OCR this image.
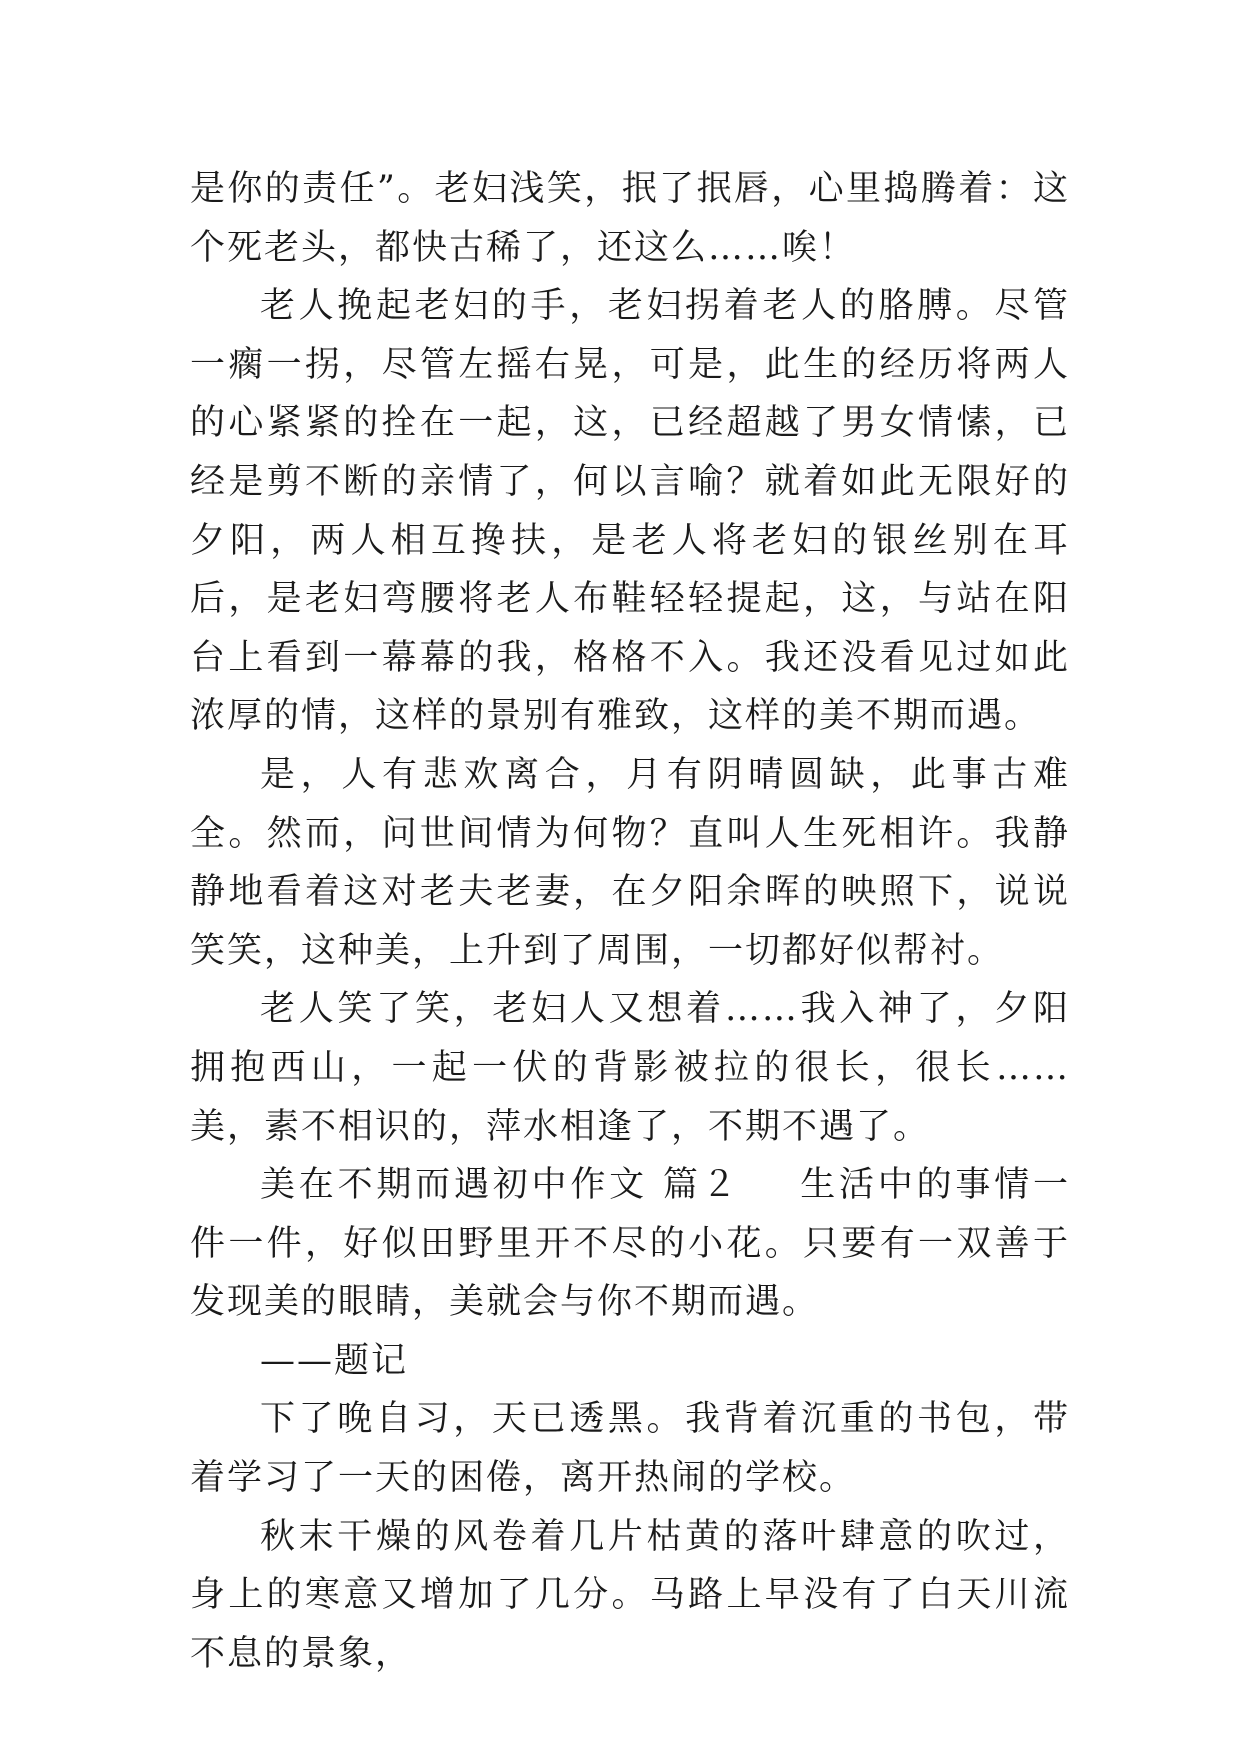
是你的责任”。老妇浅笑，抿了抿唇，心里捣腾着：这个死老头，都快古稀了，还这么……唉！

老人挽起老妇的手，老妇拐着老人的胳膊。尽管一瘸一拐，尽管左摇右晃，可是，此生的经历将两人的心紧紧的拴在一起，这，已经超越了男女情愫，已经是剪不断的亲情了，何以言喻？就着如此无限好的夕阳，两人相互搀扶，是老人将老妇的银丝别在耳后，是老妇弯腰将老人布鞋轻轻提起，这，与站在阳台上看到一幕幕的我，格格不入。我还没看见过如此浓厚的情，这样的景别有雅致，这样的美不期而遇。

是，人有悲欢离合，月有阴晴圆缺，此事古难全。然而，问世间情为何物？直叫人生死相许。我静静地看着这对老夫老妻，在夕阳余晖的映照下，说说笑笑，这种美，上升到了周围，一切都好似帮衬。

老人笑了笑，老妇人又想着……我入神了，夕阳拥抱西山，一起一伏的背影被拉的很长，很长……美，素不相识的，萍水相逢了，不期不遇了。

美在不期而遇初中作文 篇２ 生活中的事情一件一件，好似田野里开不尽的小花。只要有一双善于发现美的眼睛，美就会与你不期而遇。

——题记

下了晚自习，天已透黑。我背着沉重的书包，带着学习了一天的困倦，离开热闹的学校。

秋末干燥的风卷着几片枯黄的落叶肆意的吹过，身上的寒意又增加了几分。马路上早没有了白天川流不息的景象，
